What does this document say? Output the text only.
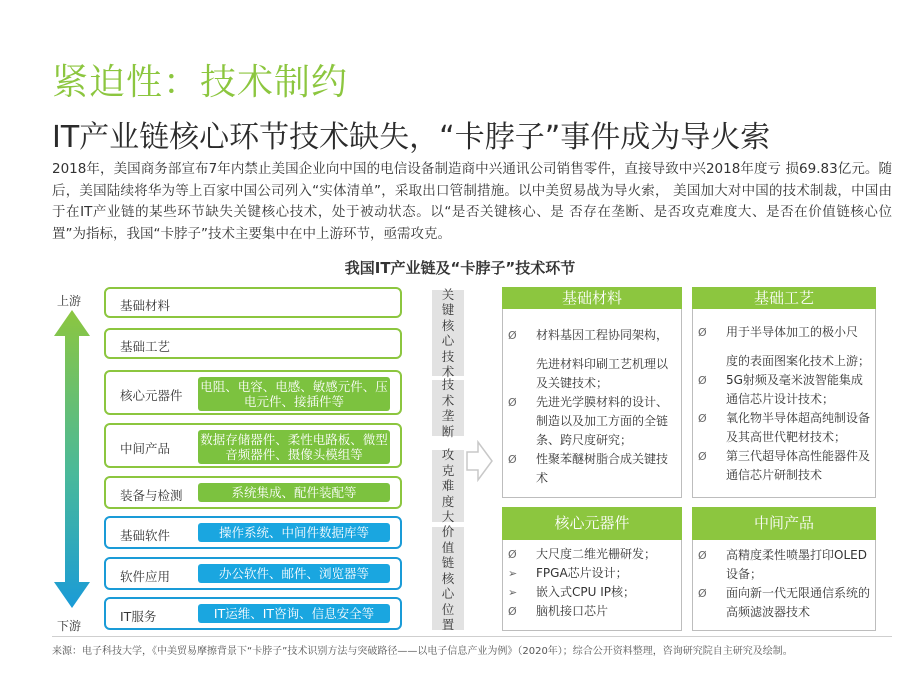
紧迫性：技术制约
IT产业链核心环节技术缺失，“卡脖子”事件成为导火索
2018年，美国商务部宣布7年内禁止美国企业向中国的电信设备制造商中兴通讯公司销售零件，直接导致中兴2018年度亏 损69.83亿元。随后，美国陆续将华为等上百家中国公司列入“实体清单”，采取出口管制措施。以中美贸易战为导火索， 美国加大对中国的技术制裁，中国由于在IT产业链的某些环节缺失关键核心技术，处于被动状态。以“是否关键核心、是 否存在垄断、是否攻克难度大、是否在价值链核心位置”为指标，我国“卡脖子”技术主要集中在中上游环节，亟需攻克。
我国IT产业链及“卡脖子”技术环节
上游
下游
基础材料
基础工艺
核心元器件
电阻、电容、电感、敏感元件、压电元件、接插件等
中间产品
数据存储器件、柔性电路板、微型音频器件、摄像头模组等
装备与检测	系统集成、配件装配等
基础软件	操作系统、中间件数据库等
软件应用	办公软件、邮件、浏览器等
IT服务	IT运维、IT咨询、信息安全等
关键核心技术
技术垄断
攻克难度大
价值链核心位置
基础材料
Ø	材料基因工程协同架构，
先进材料印刷工艺机理以及关键技术；
Ø	先进光学膜材料的设计、制造以及加工方面的全链条、跨尺度研究；
Ø	性聚苯醚树脂合成关键技术
基础工艺
Ø	用于半导体加工的极小尺
度的表面图案化技术上游；
Ø	5G射频及毫米波智能集成通信芯片设计技术；
Ø	氧化物半导体超高纯制设备及其高世代靶材技术；
Ø	第三代超导体高性能器件及通信芯片研制技术
核心元器件
Ø	大尺度二维光栅研发；
➢	FPGA芯片设计；
➢	嵌入式CPU IP核；
Ø	脑机接口芯片
中间产品
Ø	高精度柔性喷墨打印OLED设备；
Ø	面向新一代无限通信系统的高频滤波器技术
来源：电子科技大学，《中美贸易摩擦背景下“卡脖子”技术识别方法与突破路径——以电子信息产业为例》（2020年）；综合公开资料整理，咨询研究院自主研究及绘制。
